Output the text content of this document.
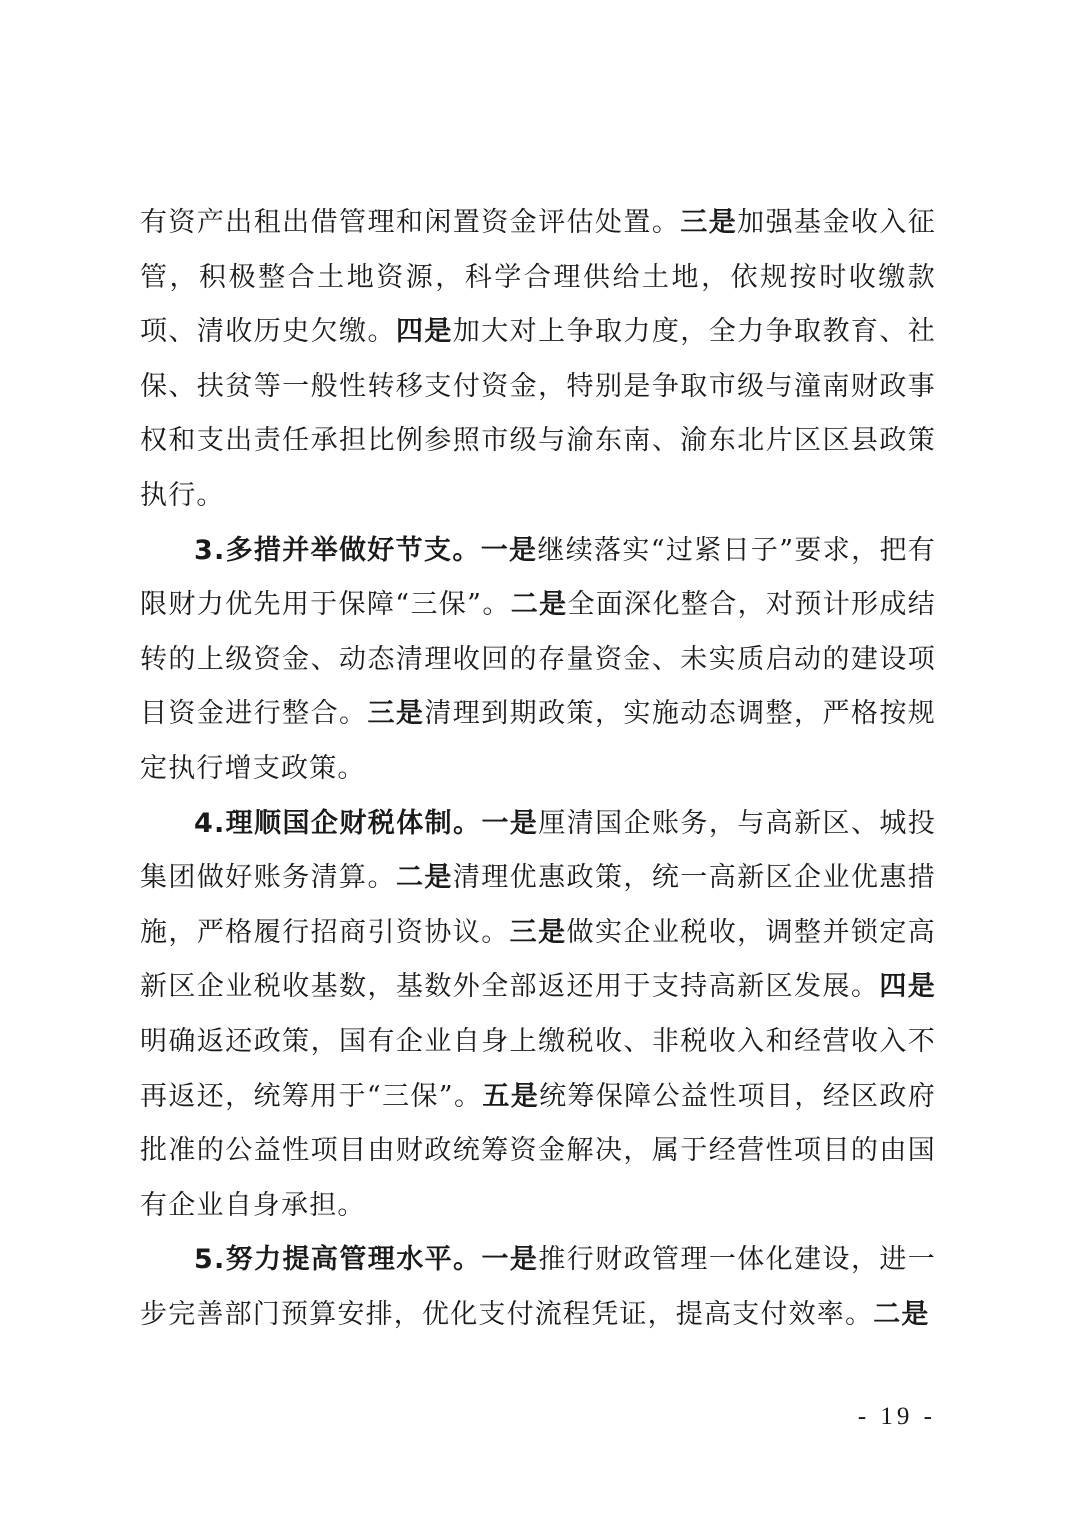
有资产出租出借管理和闲置资金评估处置。三是加强基金收入征管，积极整合土地资源，科学合理供给土地，依规按时收缴款项、清收历史欠缴。四是加大对上争取力度，全力争取教育、社保、扶贫等一般性转移支付资金，特别是争取市级与潼南财政事权和支出责任承担比例参照市级与渝东南、渝东北片区区县政策执行。

3.多措并举做好节支。一是继续落实“过紧日子”要求，把有限财力优先用于保障“三保”。二是全面深化整合，对预计形成结转的上级资金、动态清理收回的存量资金、未实质启动的建设项目资金进行整合。三是清理到期政策，实施动态调整，严格按规定执行增支政策。

4.理顺国企财税体制。一是厘清国企账务，与高新区、城投集团做好账务清算。二是清理优惠政策，统一高新区企业优惠措施，严格履行招商引资协议。三是做实企业税收，调整并锁定高新区企业税收基数，基数外全部返还用于支持高新区发展。四是明确返还政策，国有企业自身上缴税收、非税收入和经营收入不再返还，统筹用于“三保”。五是统筹保障公益性项目，经区政府批准的公益性项目由财政统筹资金解决，属于经营性项目的由国有企业自身承担。

5.努力提高管理水平。一是推行财政管理一体化建设，进一步完善部门预算安排，优化支付流程凭证，提高支付效率。二是

- 19 -
